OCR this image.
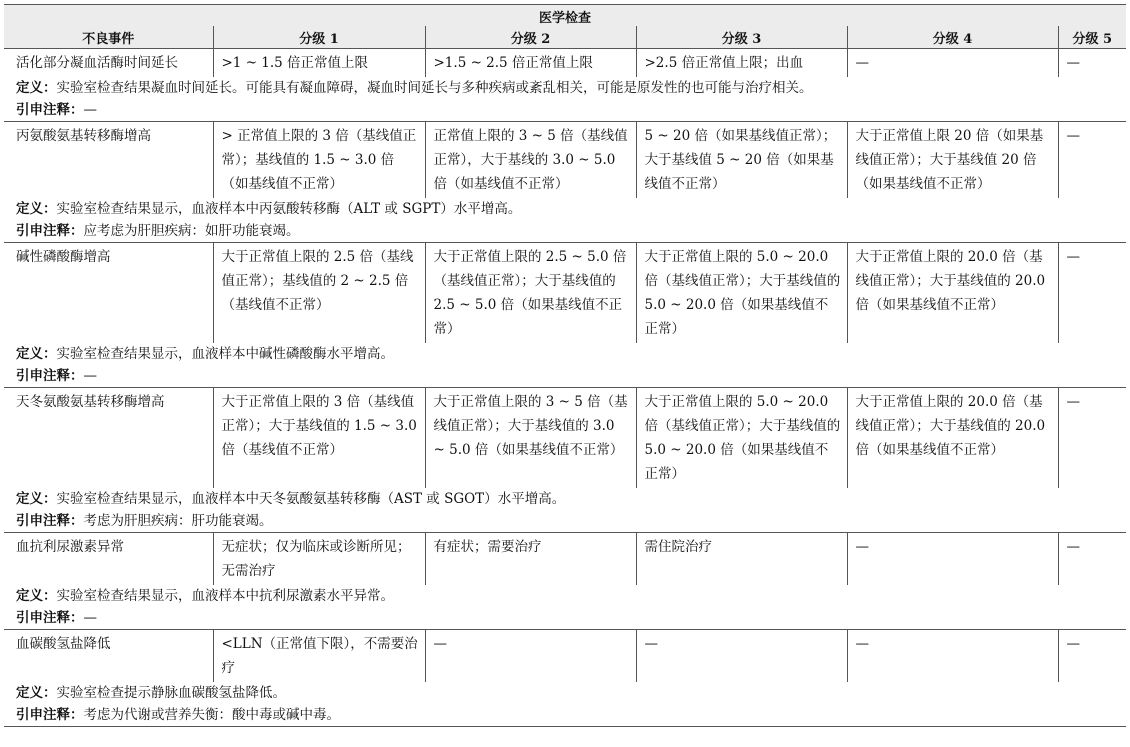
医学检查					
不良事件	分级 1	分级 2	分级 3	分级 4	分级 5
活化部分凝血活酶时间延长	>1 ~ 1.5 倍正常值上限	>1.5 ~ 2.5 倍正常值上限	>2.5 倍正常值上限；出血	—	—
定义：实验室检查结果凝血时间延长。可能具有凝血障碍，凝血时间延长与多种疾病或紊乱相关，可能是原发性的也可能与治疗相关。					
引申注释：—					
丙氨酸氨基转移酶增高	> 正常值上限的 3 倍（基线值正常）；基线值的 1.5 ~ 3.0 倍（如基线值不正常）	正常值上限的 3 ~ 5 倍（基线值正常），大于基线的 3.0 ~ 5.0 倍（如基线值不正常）	5 ~ 20 倍（如果基线值正常）；大于基线值 5 ~ 20 倍（如果基线值不正常）	大于正常值上限 20 倍（如果基线值正常）；大于基线值 20 倍（如果基线值不正常）	—
定义：实验室检查结果显示，血液样本中丙氨酸转移酶（ALT 或 SGPT）水平增高。					
引申注释：应考虑为肝胆疾病：如肝功能衰竭。					
碱性磷酸酶增高	大于正常值上限的 2.5 倍（基线值正常）；基线值的 2 ~ 2.5 倍（基线值不正常）	大于正常值上限的 2.5 ~ 5.0 倍（基线值正常）；大于基线值的 2.5 ~ 5.0 倍（如果基线值不正常）	大于正常值上限的 5.0 ~ 20.0 倍（基线值正常）；大于基线值的 5.0 ~ 20.0 倍（如果基线值不正常）	大于正常值上限的 20.0 倍（基线值正常）；大于基线值的 20.0 倍（如果基线值不正常）	—
定义：实验室检查结果显示，血液样本中碱性磷酸酶水平增高。					
引申注释：—					
天冬氨酸氨基转移酶增高	大于正常值上限的 3 倍（基线值正常）；大于基线值的 1.5 ~ 3.0 倍（基线值不正常）	大于正常值上限的 3 ~ 5 倍（基线值正常）；大于基线值的 3.0 ~ 5.0 倍（如果基线值不正常）	大于正常值上限的 5.0 ~ 20.0 倍（基线值正常）；大于基线值的 5.0 ~ 20.0 倍（如果基线值不正常）	大于正常值上限的 20.0 倍（基线值正常）；大于基线值的 20.0 倍（如果基线值不正常）	—
定义：实验室检查结果显示，血液样本中天冬氨酸氨基转移酶（AST 或 SGOT）水平增高。					
引申注释：考虑为肝胆疾病：肝功能衰竭。					
血抗利尿激素异常	无症状；仅为临床或诊断所见；无需治疗	有症状；需要治疗	需住院治疗	—	—
定义：实验室检查结果显示，血液样本中抗利尿激素水平异常。					
引申注释：—					
血碳酸氢盐降低	<LLN（正常值下限），不需要治疗	—	—	—	—
定义：实验室检查提示静脉血碳酸氢盐降低。					
引申注释：考虑为代谢或营养失衡：酸中毒或碱中毒。					
